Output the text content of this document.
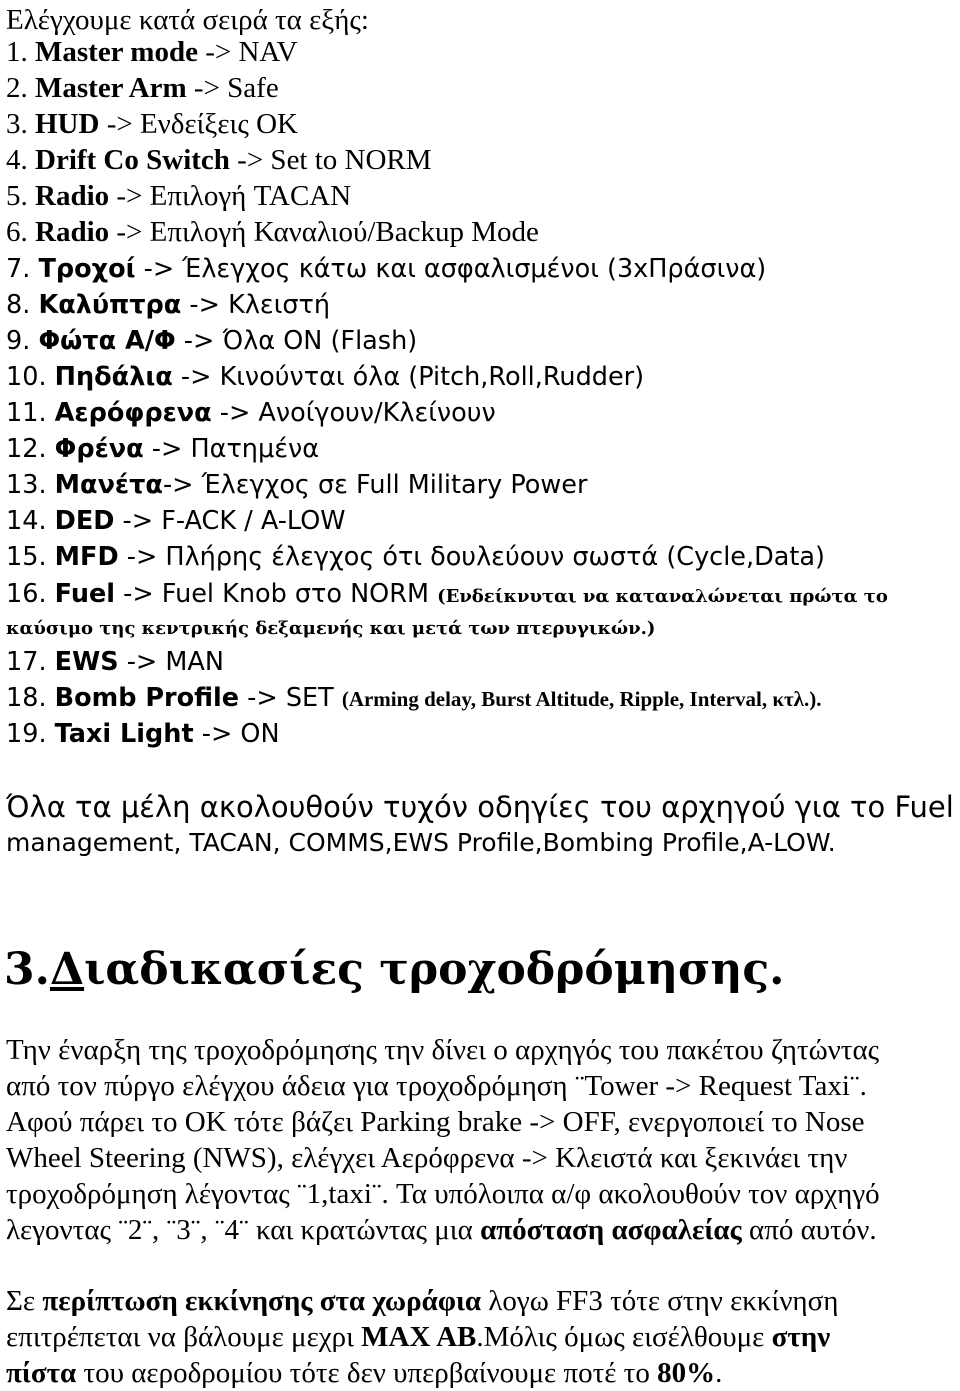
Ελέγχουμε κατά σειρά τα εξής:

1. Master mode -> NAV

2. Master Arm -> Safe

3. HUD -> Ενδείξεις OK

4. Drift Co Switch -> Set to NORM

5. Radio -> Επιλογή TACAN

6. Radio -> Επιλογή Καναλιού/Backup Mode

7. Τροχοί -> Έλεγχος κάτω και ασφαλισμένοι (3xΠράσινα)

8. Καλύπτρα -> Κλειστή

9. Φώτα Α/Φ -> Όλα ON (Flash)

10. Πηδάλια -> Κινούνται όλα (Pitch,Roll,Rudder)

11. Αερόφρενα -> Ανοίγουν/Κλείνουν

12. Φρένα -> Πατημένα

13. Μανέτα-> Έλεγχος σε Full Military Power

14. DED -> F-ACK / A-LOW

15. MFD -> Πλήρης έλεγχος ότι δουλεύουν σωστά (Cycle,Data)

16. Fuel -> Fuel Knob στο NORM (Ενδείκνυται να καταναλώνεται πρώτα το

καύσιμο της κεντρικής δεξαμενής και μετά των πτερυγικών.)

17. EWS -> MAN

18. Bomb Profile -> SET (Arming delay, Burst Altitude, Ripple, Interval, κτλ.).

19. Taxi Light -> ON

Όλα τα μέλη ακολουθούν τυχόν οδηγίες του αρχηγού για το Fuel

management, TACAN, COMMS,EWS Profile,Bombing Profile,A-LOW.

3.Διαδικασίες τροχοδρόμησης.

Την έναρξη της τροχοδρόμησης την δίνει ο αρχηγός του πακέτου ζητώντας

από τον πύργο ελέγχου άδεια για τροχοδρόμηση ¨Tower -> Request Taxi¨.

Αφού πάρει το ΟΚ τότε βάζει Parking brake -> OFF, ενεργοποιεί το Nose

Wheel Steering (NWS), ελέγχει Αερόφρενα -> Κλειστά και ξεκινάει την

τροχοδρόμηση λέγοντας ¨1,taxi¨. Τα υπόλοιπα α/φ ακολουθούν τον αρχηγό

λεγοντας ¨2¨, ¨3¨, ¨4¨ και κρατώντας μια απόσταση ασφαλείας από αυτόν.

Σε περίπτωση εκκίνησης στα χωράφια λογω FF3 τότε στην εκκίνηση

επιτρέπεται να βάλουμε μεχρι MAX AB.Μόλις όμως εισέλθουμε στην

πίστα του αεροδρομίου τότε δεν υπερβαίνουμε ποτέ το 80%.
